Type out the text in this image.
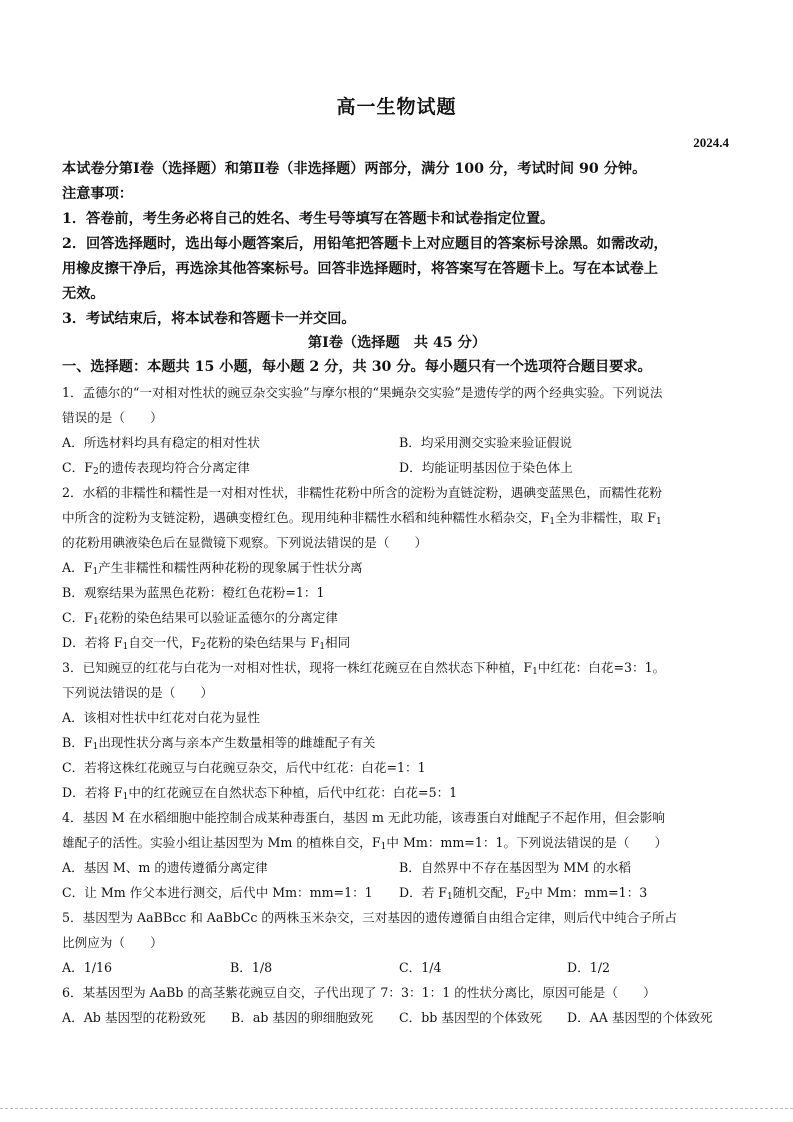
高一生物试题
2024.4
本试卷分第Ⅰ卷（选择题）和第Ⅱ卷（非选择题）两部分，满分 100 分，考试时间 90 分钟。
注意事项：
1．答卷前，考生务必将自己的姓名、考生号等填写在答题卡和试卷指定位置。
2．回答选择题时，选出每小题答案后，用铅笔把答题卡上对应题目的答案标号涂黑。如需改动，
用橡皮擦干净后，再选涂其他答案标号。回答非选择题时，将答案写在答题卡上。写在本试卷上
无效。
3．考试结束后，将本试卷和答题卡一并交回。
第Ⅰ卷（选择题　共 45 分）
一、选择题：本题共 15 小题，每小题 2 分，共 30 分。每小题只有一个选项符合题目要求。
1．孟德尔的“一对相对性状的豌豆杂交实验”与摩尔根的“果蝇杂交实验”是遗传学的两个经典实验。下列说法
错误的是（　　）
A．所选材料均具有稳定的相对性状	B．均采用测交实验来验证假说
C．$F_2$的遗传表现均符合分离定律	D．均能证明基因位于染色体上
2．水稻的非糯性和糯性是一对相对性状，非糯性花粉中所含的淀粉为直链淀粉，遇碘变蓝黑色，而糯性花粉
中所含的淀粉为支链淀粉，遇碘变橙红色。现用纯种非糯性水稻和纯种糯性水稻杂交，$F_1$全为非糯性，取 $F_1$
的花粉用碘液染色后在显微镜下观察。下列说法错误的是（　　）
A．$F_1$产生非糯性和糯性两种花粉的现象属于性状分离
B．观察结果为蓝黑色花粉：橙红色花粉=1：1
C．$F_1$花粉的染色结果可以验证孟德尔的分离定律
D．若将 $F_1$自交一代，$F_2$花粉的染色结果与 $F_1$相同
3．已知豌豆的红花与白花为一对相对性状，现将一株红花豌豆在自然状态下种植，$F_1$中红花：白花=3：1。
下列说法错误的是（　　）
A．该相对性状中红花对白花为显性
B．$F_1$出现性状分离与亲本产生数量相等的雌雄配子有关
C．若将这株红花豌豆与白花豌豆杂交，后代中红花：白花=1：1
D．若将 $F_1$中的红花豌豆在自然状态下种植，后代中红花：白花=5：1
4．基因 M 在水稻细胞中能控制合成某种毒蛋白，基因 m 无此功能，该毒蛋白对雌配子不起作用，但会影响
雄配子的活性。实验小组让基因型为 Mm 的植株自交，$F_1$中 Mm：mm=1：1。下列说法错误的是（　　）
A．基因 M、m 的遗传遵循分离定律	B．自然界中不存在基因型为 MM 的水稻
C．让 Mm 作父本进行测交，后代中 Mm：mm=1：1 D．若 $F_1$随机交配，$F_2$中 Mm：mm=1：3
5．基因型为 AaBBcc 和 AaBbCc 的两株玉米杂交，三对基因的遗传遵循自由组合定律，则后代中纯合子所占
比例应为（　　）
A．1/16	B．1/8	C．1/4	D．1/2
6．某基因型为 AaBb 的高茎紫花豌豆自交，子代出现了 7：3：1：1 的性状分离比，原因可能是（　　）
A．Ab 基因型的花粉致死 B．ab 基因的卵细胞致死 C．bb 基因型的个体致死 D．AA 基因型的个体致死
